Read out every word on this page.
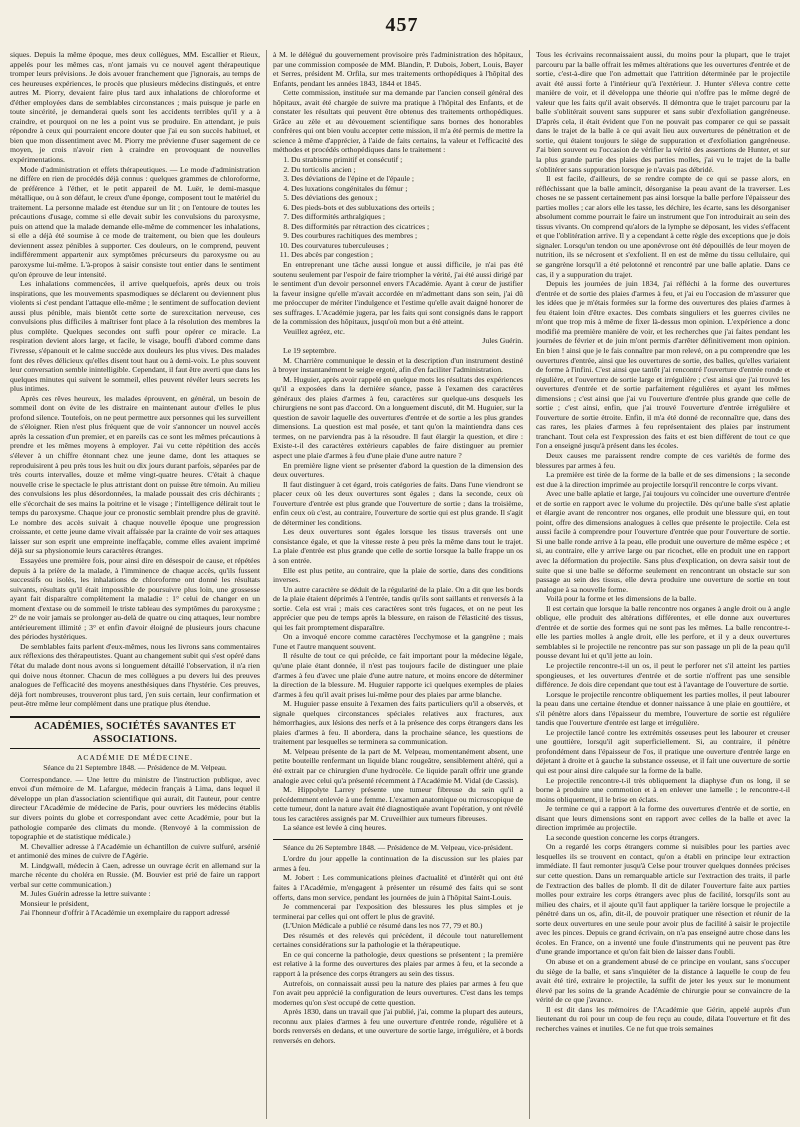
457

siques. Depuis la même époque, mes deux collègues, MM. Escallier et Rieux, appelés pour les mêmes cas, n'ont jamais vu ce nouvel agent thérapeutique tromper leurs prévisions. Je dois avouer franchement que j'ignorais, au temps de ces heureuses expériences, le procès que plusieurs médecins distingués, et entre autres M. Piorry, devaient faire plus tard aux inhalations de chloroforme et d'éther employées dans de semblables circonstances ; mais puisque je parle en toute sincérité, je demanderai quels sont les accidents terribles qu'il y a à craindre, et pourquoi on ne les a point vus se produire. En attendant, je puis répondre à ceux qui pourraient encore douter que j'ai eu son succès habituel, et bien que mon dissentiment avec M. Piorry me prévienne d'user sagement de ce moyen, je crois n'avoir rien à craindre en provoquant de nouvelles expérimentations.

Mode d'administration et effets thérapeutiques. — Le mode d'administration ne diffère en rien de procédés déjà connus : quelques grammes de chloroforme, de préférence à l'éther, et le petit appareil de M. Luër, le demi-masque métallique, ou à son défaut, le creux d'une éponge, composent tout le matériel du traitement. La personne malade est étendue sur un lit ; on l'entoure de toutes les précautions d'usage, comme si elle devait subir les convulsions du paroxysme, puis on attend que la malade demande elle-même de commencer les inhalations, si elle a déjà été soumise à ce mode de traitement, ou bien que les douleurs deviennent assez pénibles à supporter. Ces douleurs, on le comprend, peuvent indifféremment appartenir aux symptômes précurseurs du paroxysme ou au paroxysme lui-même. L'à-propos à saisir consiste tout entier dans le sentiment qu'on éprouve de leur intensité.

Les inhalations commencées, il arrive quelquefois, après deux ou trois inspirations, que les mouvements spasmodiques se déclarent ou deviennent plus violents si c'est pendant l'attaque elle-même ; le sentiment de suffocation devient aussi plus pénible, mais bientôt cette sorte de surexcitation nerveuse, ces convulsions plus difficiles à maîtriser font place à la résolution des membres la plus complète. Quelques secondes ont suffi pour opérer ce miracle. La respiration devient alors large, et facile, le visage, bouffi d'abord comme dans l'ivresse, s'épanouit et le calme succède aux douleurs les plus vives. Des malades font des rêves délicieux qu'elles disent tout haut ou à demi-voix. Le plus souvent leur conversation semble inintelligible. Cependant, il faut être averti que dans les quelques minutes qui suivent le sommeil, elles peuvent révéler leurs secrets les plus intimes.

Après ces rêves heureux, les malades éprouvent, en général, un besoin de sommeil dont on évite de les distraire en maintenant autour d'elles le plus profond silence. Toutefois, on ne peut permettre aux personnes qui les surveillent de s'éloigner. Rien n'est plus fréquent que de voir s'annoncer un nouvel accès après la cessation d'un premier, et en pareils cas ce sont les mêmes précautions à prendre et les mêmes moyens à employer. J'ai vu cette répétition des accès s'élever à un chiffre étonnant chez une jeune dame, dont les attaques se reproduisirent à peu près tous les huit ou dix jours durant parfois, séparées par de très courts intervalles, douze et même vingt-quatre heures. C'était à chaque nouvelle crise le spectacle le plus attristant dont on puisse être témoin. Au milieu des convulsions les plus désordonnées, la malade poussait des cris déchirants ; elle s'écorchait de ses mains la poitrine et le visage ; l'intelligence délirait tout le temps du paroxysme. Chaque jour ce pronostic semblait prendre plus de gravité. Le nombre des accès suivait à chaque nouvelle époque une progression croissante, et cette jeune dame vivait affaissée par la crainte de voir ses attaques laisser sur son esprit une empreinte ineffaçable, comme elles avaient imprimé déjà sur sa physionomie leurs caractères étranges.

Essayées une première fois, pour ainsi dire en désespoir de cause, et répétées depuis à la prière de la malade, à l'imminence de chaque accès, qu'ils fussent successifs ou isolés, les inhalations de chloroforme ont donné les résultats suivants, résultats qu'il était impossible de poursuivre plus loin, une grossesse ayant fait disparaître complètement la maladie : 1° celui de changer en un moment d'extase ou de sommeil le triste tableau des symptômes du paroxysme ; 2° de ne voir jamais se prolonger au-delà de quatre ou cinq attaques, leur nombre antérieurement illimité ; 3° et enfin d'avoir éloigné de plusieurs jours chacune des périodes hystériques.

De semblables faits parlent d'eux-mêmes, nous les livrons sans commentaires aux réflexions des thérapeutistes. Quant au changement subit qui s'est opéré dans l'état du malade dont nous avons si longuement détaillé l'observation, il n'a rien qui doive nous étonner. Chacun de mes collègues a pu devers lui des preuves analogues de l'efficacité des moyens anesthésiques dans l'hystérie. Ces preuves, déjà fort nombreuses, trouveront plus tard, j'en suis certain, leur confirmation et peut-être même leur complément dans une pratique plus étendue.

ACADÉMIES, SOCIÉTÉS SAVANTES ET ASSOCIATIONS.
ACADÉMIE DE MÉDECINE.
Séance du 21 Septembre 1848. — Présidence de M. Velpeau.

Correspondance. — Une lettre du ministre de l'instruction publique, avec envoi d'un mémoire de M. Lafargue, médecin français à Lima, dans lequel il développe un plan d'association scientifique qui aurait, dit l'auteur, pour centre directeur l'Académie de médecine de Paris, pour ouvriers les médecins établis sur divers points du globe et correspondant avec cette Académie, pour but la pathologie comparée des climats du monde. (Renvoyé à la commission de topographie et de statistique médicale.)

M. Chevallier adresse à l'Académie un échantillon de cuivre sulfuré, arsénié et antimonié des mines de cuivre de l'Agérie.

M. Lindgwall, médecin à Caen, adresse un ouvrage écrit en allemand sur la marche récente du choléra en Russie. (M. Bouvier est prié de faire un rapport verbal sur cette communication.)

M. Jules Guérin adresse la lettre suivante :

Monsieur le président,

J'ai l'honneur d'offrir à l'Académie un exemplaire du rapport adressé

à M. le délégué du gouvernement provisoire près l'administration des hôpitaux, par une commission composée de MM. Blandin, P. Dubois, Jobert, Louis, Bayer et Serres, président M. Orfila, sur mes traitements orthopédiques à l'hôpital des Enfants, pendant les années 1843, 1844 et 1845.

Cette commission, instituée sur ma demande par l'ancien conseil général des hôpitaux, avait été chargée de suivre ma pratique à l'hôpital des Enfants, et de constater les résultats qui peuvent être obtenus des traitements orthopédiques. Grâce au zèle et au dévouement scientifique sans bornes des honorables confrères qui ont bien voulu accepter cette mission, il m'a été permis de mettre la science à même d'apprécier, à l'aide de faits certains, la valeur et l'efficacité des méthodes et procédés orthopédiques dans le traitement :

1. Du strabisme primitif et consécutif ;
2. Du torticolis ancien ;
3. Des déviations de l'épine et de l'épaule ;
4. Des luxations congénitales du fémur ;
5. Des déviations des genoux ;
6. Des pieds-bots et des subluxations des orteils ;
7. Des difformités arthralgiques ;
8. Des difformités par rétraction des cicatrices ;
9. Des courbures rachitiques des membres ;
10. Des courvatures tuberculeuses ;
11. Des abcès par congestion ;

En entreprenant une tâche aussi longue et aussi difficile, je n'ai pas été soutenu seulement par l'espoir de faire triompher la vérité, j'ai été aussi dirigé par le sentiment d'un devoir personnel envers l'Académie. Ayant à cœur de justifier la faveur insigne qu'elle m'avait accordée en m'admettant dans son sein, j'ai dû me préoccuper de mériter l'indulgence et l'estime qu'elle avait daigné honorer de ses suffrages. L'Académie jugera, par les faits qui sont consignés dans le rapport de la commission des hôpitaux, jusqu'où mon but a été atteint.

Veuillez agréez, etc.

Jules Guérin.

Le 19 septembre.

M. Charrière communique le dessin et la description d'un instrument destiné à broyer instantanément le seigle ergoté, afin d'en faciliter l'administration.

M. Huguier, après avoir rappelé en quelque mots les résultats des expériences qu'il a exposées dans la dernière séance, passe à l'examen des caractères généraux des plaies d'armes à feu, caractères sur quelque-uns desquels les chirurgiens ne sont pas d'accord. On a longuement discuté, dit M. Huguier, sur la question de savoir laquelle des ouvertures d'entrée et de sortie a les plus grandes dimensions. La question est mal posée, et tant qu'on la maintiendra dans ces termes, on ne parviendra pas à la résoudre. Il faut élargir la question, et dire : Existe-t-il des caractères extérieurs capables de faire distinguer au premier aspect une plaie d'armes à feu d'une plaie d'une autre nature ?

En première ligne vient se présenter d'abord la question de la dimension des deux ouvertures.

Il faut distinguer à cet égard, trois catégories de faits. Dans l'une viendront se placer ceux où les deux ouvertures sont égales ; dans la seconde, ceux où l'ouverture d'entrée est plus grande que l'ouverture de sortie ; dans la troisième, enfin ceux où c'est, au contraire, l'ouverture de sortie qui est plus grande. Il s'agit de déterminer les conditions.

Les deux ouvertures sont égales lorsque les tissus traversés ont une consistance égale, et que la vitesse reste à peu près la même dans tout le trajet. La plaie d'entrée est plus grande que celle de sortie lorsque la balle frappe un os à son entrée.

Elle est plus petite, au contraire, que la plaie de sortie, dans des conditions inverses.

Un autre caractère se déduit de la régularité de la plaie. On a dit que les bords de la plaie étaient déprimés à l'entrée, tandis qu'ils sont saillants et renversés à la sortie. Cela est vrai ; mais ces caractères sont très fugaces, et on ne peut les apprécier que peu de temps après la blessure, en raison de l'élasticité des tissus, qui les fait promptement disparaître.

On a invoqué encore comme caractères l'ecchymose et la gangrène ; mais l'une et l'autre manquent souvent.

Il résulte de tout ce qui précède, ce fait important pour la médecine légale, qu'une plaie étant donnée, il n'est pas toujours facile de distinguer une plaie d'armes à feu d'avec une plaie d'une autre nature, et moins encore de déterminer la direction de la blessure. M. Huguier rapporte ici quelques exemples de plaies d'armes à feu qu'il avait prises lui-même pour des plaies par arme blanche.

M. Huguier passe ensuite à l'examen des faits particuliers qu'il a observés, et signale quelques circonstances spéciales relatives aux fractures, aux hémorrhagies, aux lésions des nerfs et à la présence des corps étrangers dans les plaies d'armes à feu. Il abordera, dans la prochaine séance, les questions de traitement par lesquelles se terminera sa communication.

M. Velpeau présente de la part de M. Velpeau, momentanément absent, une petite bouteille renfermant un liquide blanc rougeâtre, sensiblement altéré, qui a été extrait par ce chirurgien d'une hydrocèle. Ce liquide paraît offrir une grande analogie avec celui qu'a présenté récemment à l'Académie M. Vidal (de Cassis).

M. Hippolyte Larrey présente une tumeur fibreuse du sein qu'il a précédemment enlevée à une femme. L'examen anatomique ou microscopique de cette tumeur, dont la nature avait été diagnostiquée avant l'opération, y ont révélé tous les caractères assignés par M. Cruveilhier aux tumeurs fibreuses.

La séance est levée à cinq heures.

Séance du 26 Septembre 1848. — Présidence de M. Velpeau, vice-président.

L'ordre du jour appelle la continuation de la discussion sur les plaies par armes à feu.

M. Jobert : Les communications pleines d'actualité et d'intérêt qui ont été faites à l'Académie, m'engagent à présenter un résumé des faits qui se sont offerts, dans mon service, pendant les journées de juin à l'hôpital Saint-Louis.

Je commencerai par l'exposition des blessures les plus simples et je terminerai par celles qui ont offert le plus de gravité.

(L'Union Médicale a publié ce résumé dans les nos 77, 79 et 80.)

Des résumés et des relevés qui précèdent, il découle tout naturellement certaines considérations sur la pathologie et la thérapeutique.

En ce qui concerne la pathologie, deux questions se présentent ; la première est relative à la forme des ouvertures des plaies par armes à feu, et la seconde a rapport à la présence des corps étrangers au sein des tissus.

Autrefois, on connaissait aussi peu la nature des plaies par armes à feu que l'on avait peu apprécié la configuration de leurs ouvertures. C'est dans les temps modernes qu'on s'est occupé de cette question.

Après 1830, dans un travail que j'ai publié, j'ai, comme la plupart des auteurs, reconnu aux plaies d'armes à feu une ouverture d'entrée ronde, régulière et à bords renversés en dedans, et une ouverture de sortie large, irrégulière, et à bords renversés en dehors.

Tous les écrivains reconnaissaient aussi, du moins pour la plupart, que le trajet parcouru par la balle offrait les mêmes altérations que les ouvertures d'entrée et de sortie, c'est-à-dire que l'on admettait que l'attrition déterminée par le projectile avait été aussi forte à l'intérieur qu'à l'extérieur. J. Hunter s'éleva contre cette manière de voir, et il développa une théorie qui n'offre pas le même degré de valeur que les faits qu'il avait observés. Il démontra que le trajet parcouru par la balle s'oblitérait souvent sans suppurer et sans subir d'exfoliation gangréneuse. D'après cela, il était évident que l'on ne pouvait pas comparer ce qui se passait dans le trajet de la balle à ce qui avait lieu aux ouvertures de pénétration et de sortie, qui étaient toujours le siège de suppuration et d'exfoliation gangréneuse. J'ai bien souvent eu l'occasion de vérifier la vérité des assertions de Hunter, et sur la plus grande partie des plaies des parties molles, j'ai vu le trajet de la balle s'oblitérer sans suppuration lorsque je n'avais pas débridé.

Il est facile, d'ailleurs, de se rendre compte de ce qui se passe alors, en réfléchissant que la balle amincit, désorganise la peau avant de la traverser. Les choses ne se passent certainement pas ainsi lorsque la balle perfore l'épaisseur des parties molles ; car alors elle les tasse, les déchire, les écarte, sans les désorganiser absolument comme pourrait le faire un instrument que l'on introduirait au sein des tissus vivants. On comprend qu'alors de la lymphe se déposant, les vides s'effacent et que l'oblitération arrive. Il y a cependant à cette règle des exceptions que je dois signaler. Lorsqu'un tendon ou une aponévrose ont été dépouillés de leur moyen de nutrition, ils se nécrosent et s'exfolient. Il en est de même du tissu cellulaire, qui se gangrène lorsqu'il a été pelotonné et rencontré par une balle aplatie. Dans ce cas, il y a suppuration du trajet.

Depuis les journées de juin 1834, j'ai réfléchi à la forme des ouvertures d'entrée et de sortie des plaies d'armes à feu, et j'ai eu l'occasion de m'assurer que les idées que je m'étais formées sur la forme des ouvertures des plaies d'armes à feu étaient loin d'être exactes. Des combats singuliers et les guerres civiles ne m'ont que trop mis à même de fixer là-dessus mon opinion. L'expérience a donc modifié ma première manière de voir, et les recherches que j'ai faites pendant les journées de février et de juin m'ont permis d'arrêter définitivement mon opinion. En bien ! ainsi que je le fais connaître par mon relevé, on a pu comprendre que les ouvertures d'entrée, ainsi que les ouvertures de sortie, des balles, qu'elles variaient de forme à l'infini. C'est ainsi que tantôt j'ai rencontré l'ouverture d'entrée ronde et régulière, et l'ouverture de sortie large et irrégulière ; c'est ainsi que j'ai trouvé les ouvertures d'entrée et de sortie parfaitement régulières et ayant les mêmes dimensions ; c'est ainsi que j'ai vu l'ouverture d'entrée plus grande que celle de sortie ; c'est ainsi, enfin, que j'ai trouvé l'ouverture d'entrée irrégulière et l'ouverture de sortie étroite. Enfin, il m'a été donné de reconnaître que, dans des cas rares, les plaies d'armes à feu représentaient des plaies par instrument tranchant. Tout cela est l'expression des faits et est bien différent de tout ce que l'on a enseigné jusqu'à présent dans les écoles.

Deux causes me paraissent rendre compte de ces variétés de forme des blessures par armes à feu.

La première est tirée de la forme de la balle et de ses dimensions ; la seconde est due à la direction imprimée au projectile lorsqu'il rencontre le corps vivant.

Avec une balle aplatie et large, j'ai toujours vu coïncider une ouverture d'entrée et de sortie en rapport avec le volume du projectile. Dès qu'une balle s'est aplatie et élargie avant de rencontrer nos organes, elle produit une blessure qui, en tout point, offre des dimensions analogues à celles que présente le projectile. Cela est aussi facile à comprendre pour l'ouverture d'entrée que pour l'ouverture de sortie. Si une balle ronde arrive à la peau, elle produit une ouverture de même espèce ; et si, au contraire, elle y arrive large ou par ricochet, elle en produit une en rapport avec la déformation du projectile. Sans plus d'explication, on devra saisir tout de suite que si une balle se déforme seulement en rencontrant un obstacle sur son passage au sein des tissus, elle devra produire une ouverture de sortie en tout analogue à sa nouvelle forme.

Voilà pour la forme et les dimensions de la balle.

Il est certain que lorsque la balle rencontre nos organes à angle droit ou à angle oblique, elle produit des altérations différentes, et elle donne aux ouvertures d'entrée et de sortie des formes qui ne sont pas les mêmes. La balle rencontre-t-elle les parties molles à angle droit, elle les perfore, et il y a deux ouvertures semblables si le projectile ne rencontre pas sur son passage un pli de la peau qu'il pousse devant lui et qu'il jette au loin.

Le projectile rencontre-t-il un os, il peut le perforer net s'il atteint les parties spongieuses, et les ouvertures d'entrée et de sortie n'offrent pas une sensible différence. Je dois dire cependant que tout est à l'avantage de l'ouverture de sortie.

Lorsque le projectile rencontre obliquement les parties molles, il peut labourer la peau dans une certaine étendue et donner naissance à une plaie en gouttière, et s'il pénètre alors dans l'épaisseur du membre, l'ouverture de sortie est régulière tandis que l'ouverture d'entrée est large et irrégulière.

Le projectile lancé contre les extrémités osseuses peut les labourer et creuser une gouttière, lorsqu'il agit superficiellement. Si, au contraire, il pénètre profondément dans l'épaisseur de l'os, il pratique une ouverture d'entrée large en déjetant à droite et à gauche la substance osseuse, et il fait une ouverture de sortie qui est pour ainsi dire calquée sur la forme de la balle.

Le projectile rencontre-t-il très obliquement la diaphyse d'un os long, il se borne à produire une commotion et à en enlever une lamelle ; le rencontre-t-il moins obliquement, il le brise en éclats.

Je termine ce qui a rapport à la forme des ouvertures d'entrée et de sortie, en disant que leurs dimensions sont en rapport avec celles de la balle et avec la direction imprimée au projectile.

La seconde question concerne les corps étrangers.

On a regardé les corps étrangers comme si nuisibles pour les parties avec lesquelles ils se trouvent en contact, qu'on a établi en principe leur extraction immédiate. Il faut remonter jusqu'à Celse pour trouver quelques données précises sur cette question. Dans un remarquable article sur l'extraction des traits, il parle de l'extraction des balles de plomb. Il dit de dilater l'ouverture faite aux parties molles pour extraire les corps étrangers avec plus de facilité, lorsqu'ils sont au milieu des chairs, et il ajoute qu'il faut appliquer la tarière lorsque le projectile a pénétré dans un os, afin, dit-il, de pouvoir pratiquer une résection et réunir de la sorte deux ouvertures en une seule pour avoir plus de facilité à saisir le projectile avec les pinces. Depuis ce grand écrivain, on n'a pas enseigné autre chose dans les écoles. En France, on a inventé une foule d'instruments qui ne peuvent pas être d'une grande importance et qu'on fait bien de laisser dans l'oubli.

On abuse et on a grandement abusé de ce principe en voulant, sans s'occuper du siège de la balle, et sans s'inquiéter de la distance à laquelle le coup de feu avait été tiré, extraire le projectile, la suffit de jeter les yeux sur le monument élevé par les soins de la grande Académie de chirurgie pour se convaincre de la vérité de ce que j'avance.

Il est dit dans les mémoires de l'Académie que Gérin, appelé auprès d'un lieutenant du roi pour un coup de feu reçu au coude, dilata l'ouverture et fit des recherches vaines et inutiles. Ce ne fut que trois semaines
